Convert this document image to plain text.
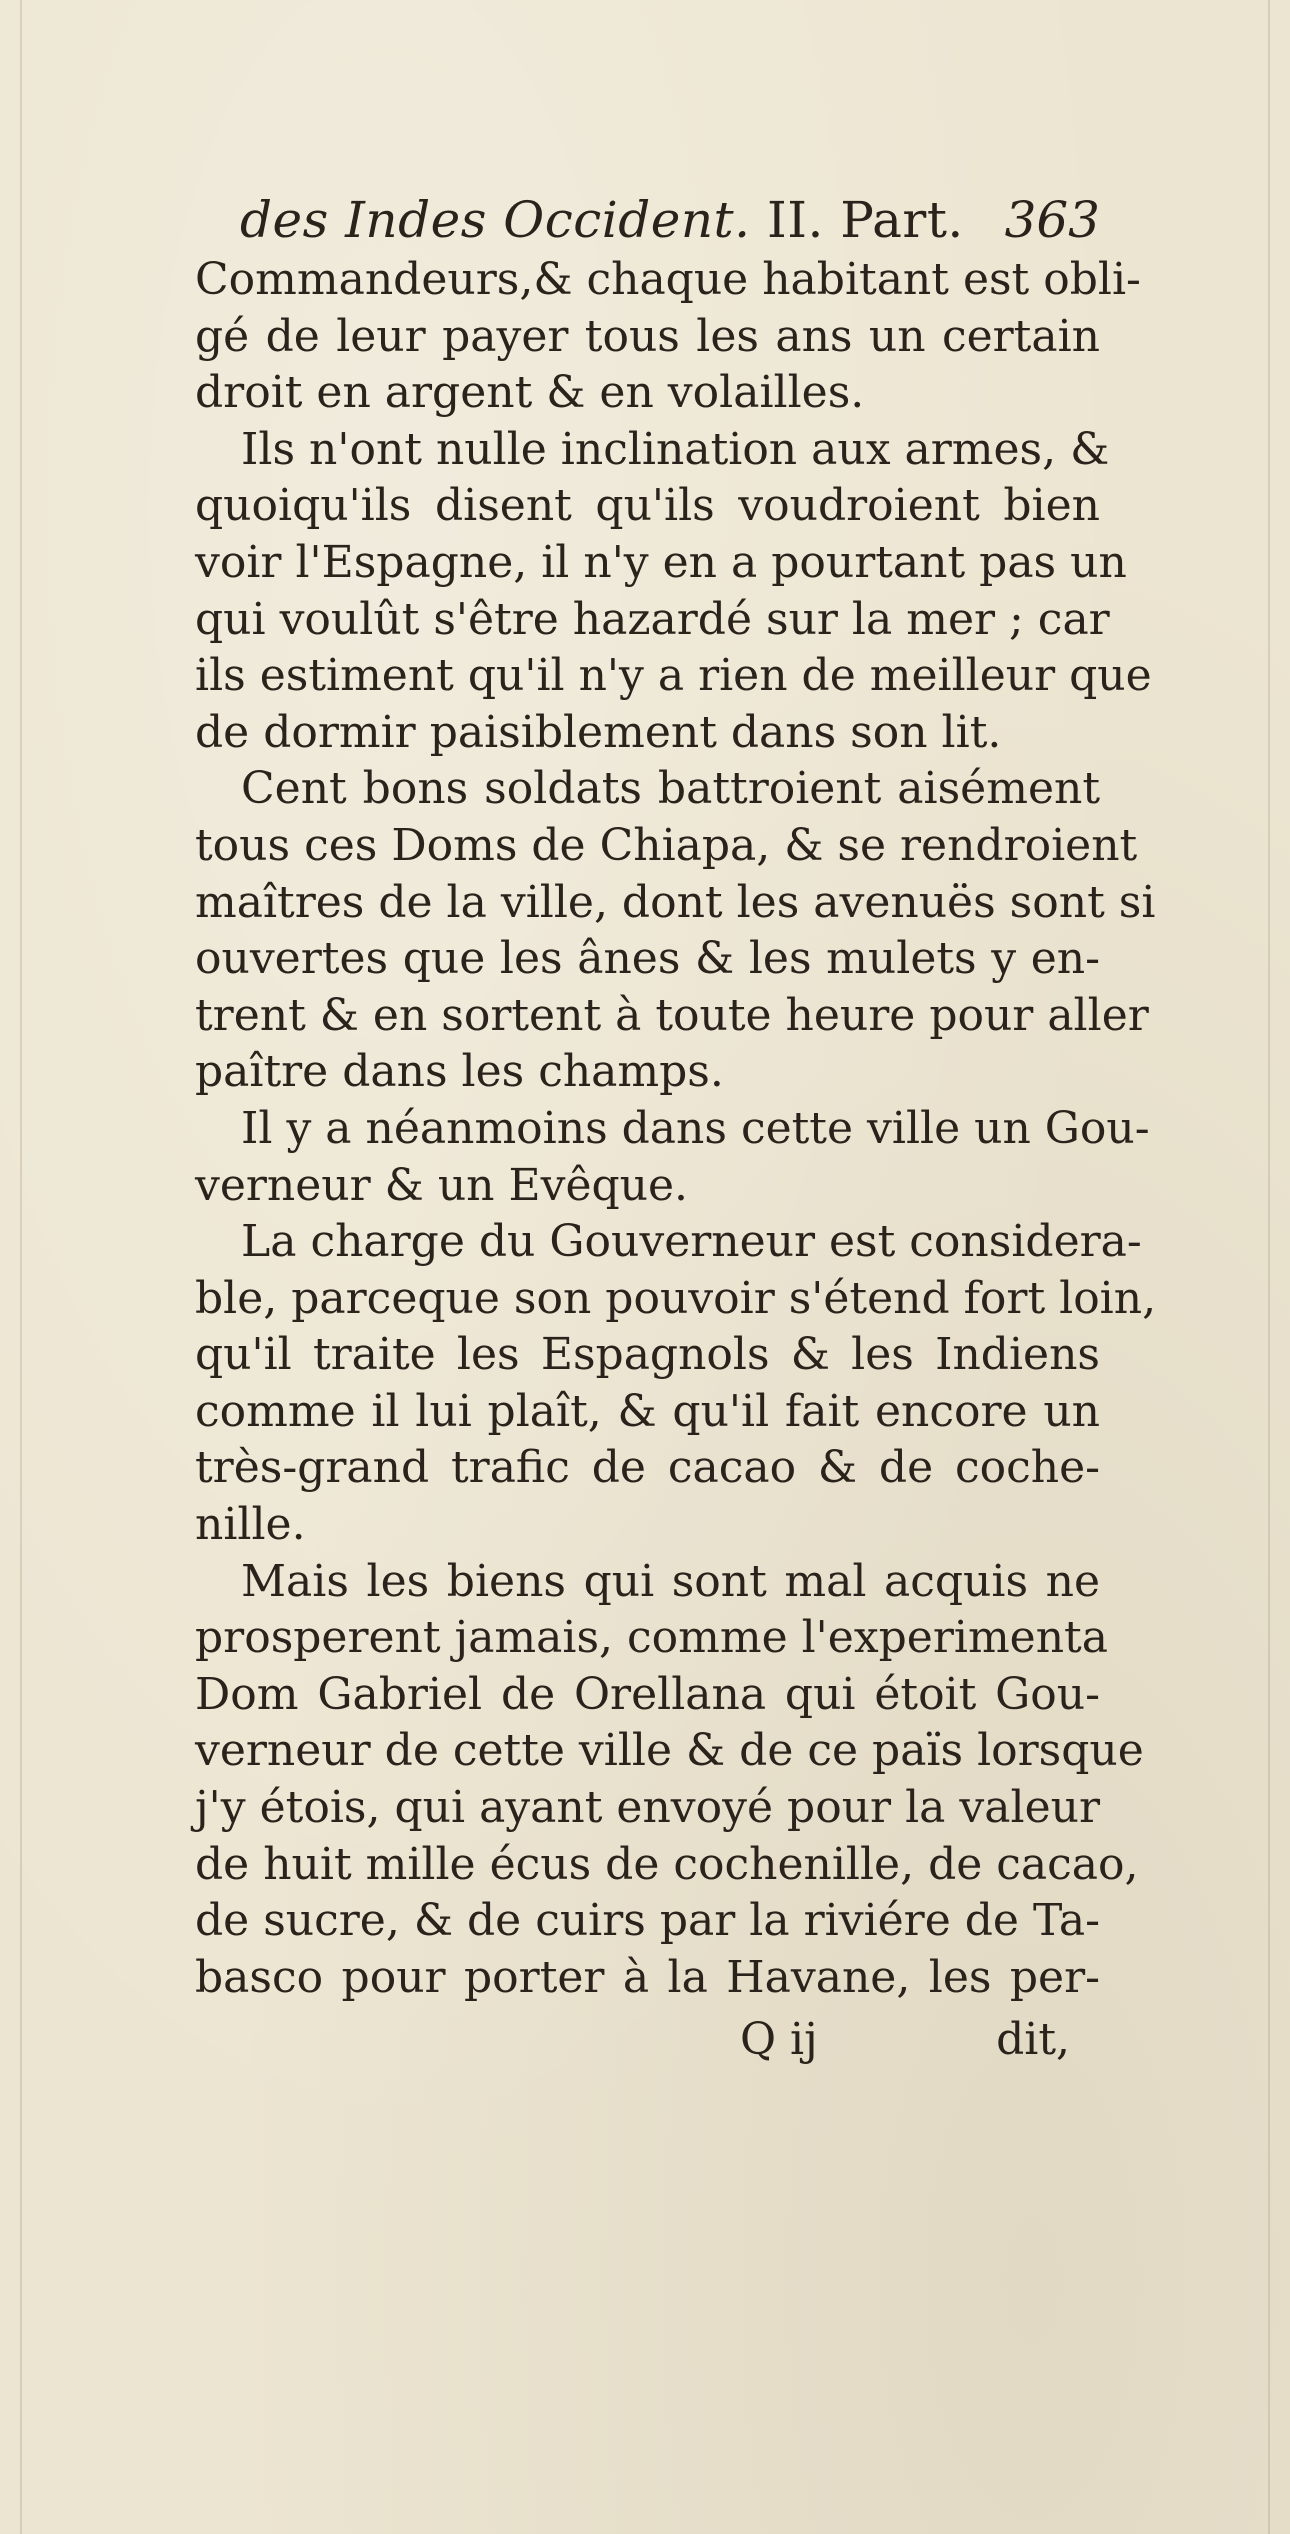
des Indes Occident. II. Part. 363
Commandeurs,& chaque habitant est obli-
gé de leur payer tous les ans un certain
droit en argent & en volailles.
Ils n'ont nulle inclination aux armes, &
quoiqu'ils disent qu'ils voudroient bien
voir l'Espagne, il n'y en a pourtant pas un
qui voulût s'être hazardé sur la mer ; car
ils estiment qu'il n'y a rien de meilleur que
de dormir paisiblement dans son lit.
Cent bons soldats battroient aisément
tous ces Doms de Chiapa, & se rendroient
maîtres de la ville, dont les avenuës sont si
ouvertes que les ânes & les mulets y en-
trent & en sortent à toute heure pour aller
paître dans les champs.
Il y a néanmoins dans cette ville un Gou-
verneur & un Evêque.
La charge du Gouverneur est considera-
ble, parceque son pouvoir s'étend fort loin,
qu'il traite les Espagnols & les Indiens
comme il lui plaît, & qu'il fait encore un
très-grand trafic de cacao & de coche-
nille.
Mais les biens qui sont mal acquis ne
prosperent jamais, comme l'experimenta
Dom Gabriel de Orellana qui étoit Gou-
verneur de cette ville & de ce païs lorsque
j'y étois, qui ayant envoyé pour la valeur
de huit mille écus de cochenille, de cacao,
de sucre, & de cuirs par la riviére de Ta-
basco pour porter à la Havane, les per-
Q ij	dit,
